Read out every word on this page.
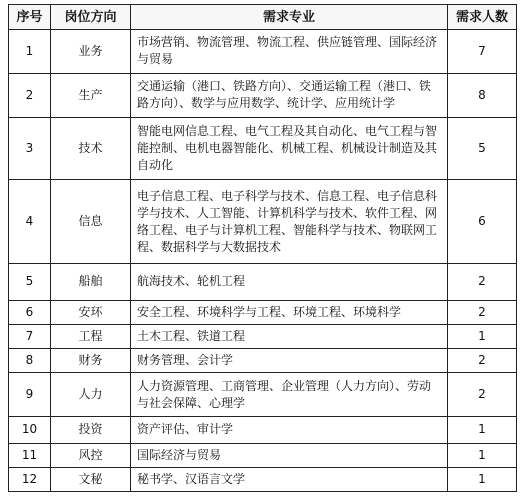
序号	岗位方向	需求专业	需求人数
1	业务	市场营销、物流管理、物流工程、供应链管理、国际经济与贸易	7
2	生产	交通运输（港口、铁路方向）、交通运输工程（港口、铁路方向）、数学与应用数学、统计学、应用统计学	8
3	技术	智能电网信息工程、电气工程及其自动化、电气工程与智能控制、电机电器智能化、机械工程、机械设计制造及其自动化	5
4	信息	电子信息工程、电子科学与技术、信息工程、电子信息科学与技术、人工智能、计算机科学与技术、软件工程、网络工程、电子与计算机工程、智能科学与技术、物联网工程、数据科学与大数据技术	6
5	船舶	航海技术、轮机工程	2
6	安环	安全工程、环境科学与工程、环境工程、环境科学	2
7	工程	土木工程、铁道工程	1
8	财务	财务管理、会计学	2
9	人力	人力资源管理、工商管理、企业管理（人力方向）、劳动与社会保障、心理学	2
10	投资	资产评估、审计学	1
11	风控	国际经济与贸易	1
12	文秘	秘书学、汉语言文学	1
